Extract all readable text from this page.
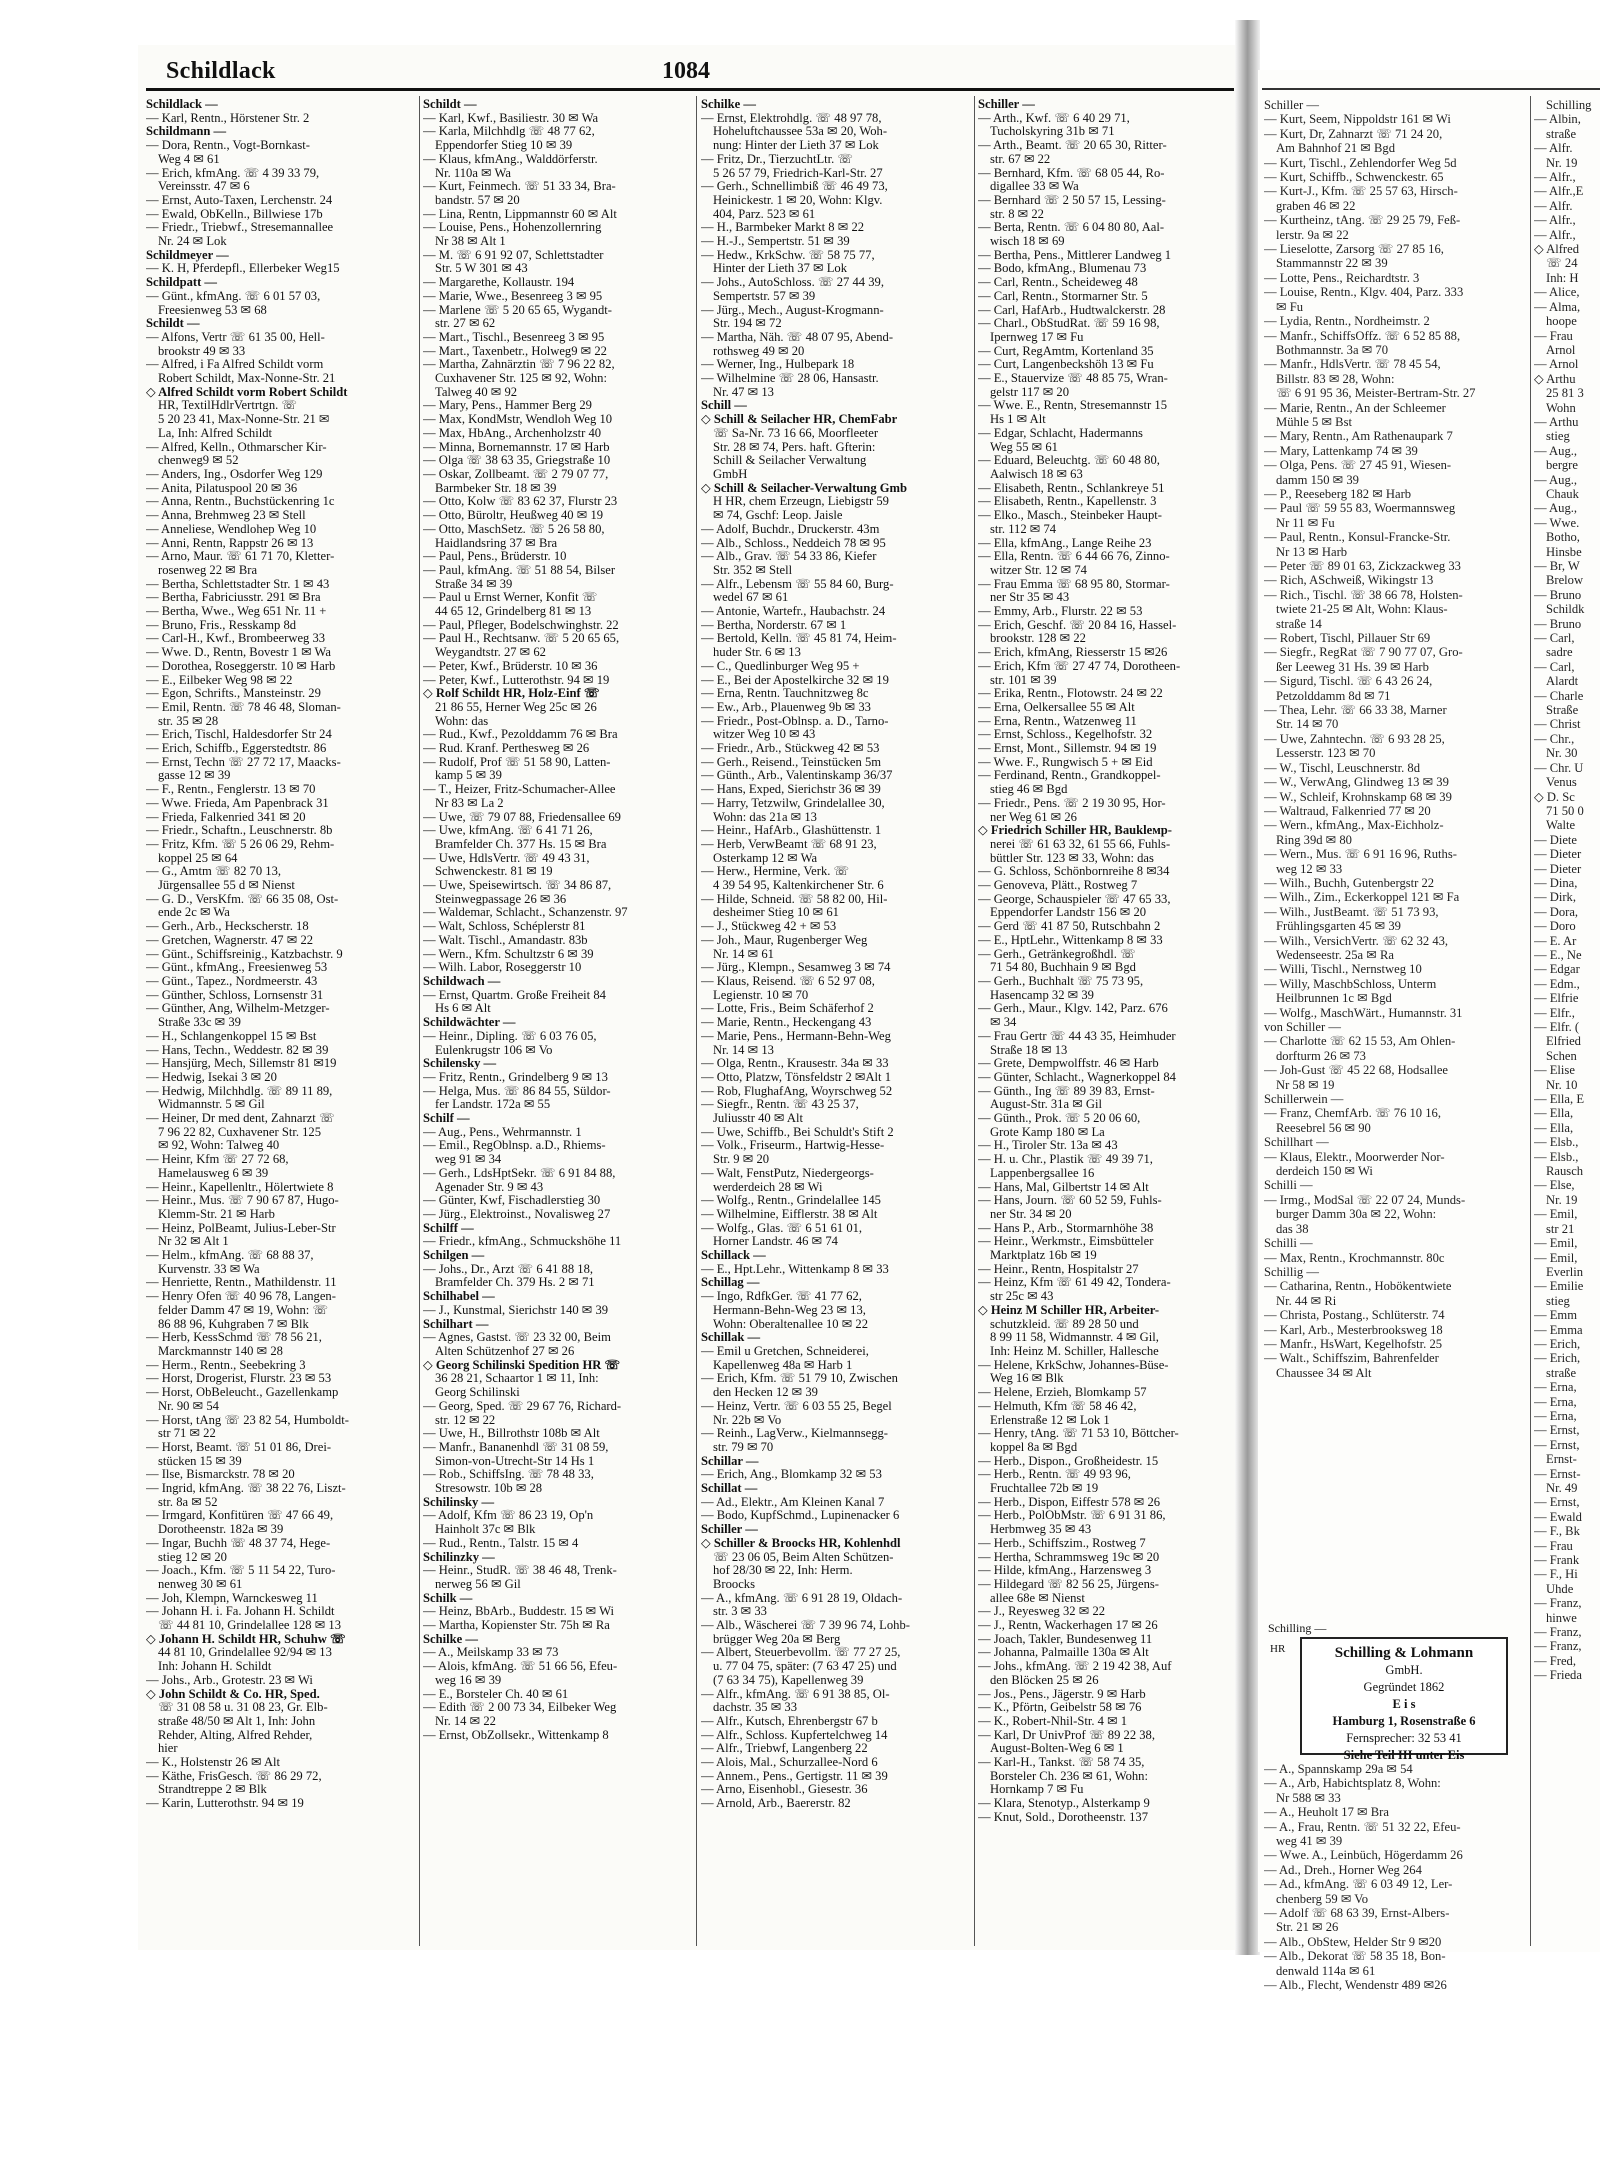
Schildlack	1084
Schildlack —
— Karl, Rentn., Hörstener Str. 2
Schildmann —
— Dora, Rentn., Vogt-Bornkast-
Weg 4 ✉ 61
— Erich, kfmAng. ☏ 4 39 33 79,
Vereinsstr. 47 ✉ 6
— Ernst, Auto-Taxen, Lerchenstr. 24
— Ewald, ObKelln., Billwiese 17b
— Friedr., Triebwf., Stresemannallee
Nr. 24 ✉ Lok
Schildmeyer —
— K. H, Pferdepfl., Ellerbeker Weg15
Schildpatt —
— Günt., kfmAng. ☏ 6 01 57 03,
Freesienweg 53 ✉ 68
Schildt —
— Alfons, Vertr ☏ 61 35 00, Hell-
brookstr 49 ✉ 33
— Alfred, i Fa Alfred Schildt vorm
Robert Schildt, Max-Nonne-Str. 21
◇ Alfred Schildt vorm Robert Schildt
HR, TextilHdlrVertrtgn. ☏
5 20 23 41, Max-Nonne-Str. 21 ✉
La, Inh: Alfred Schildt
— Alfred, Kelln., Othmarscher Kir-
chenweg9 ✉ 52
— Anders, Ing., Osdorfer Weg 129
— Anita, Pilatuspool 20 ✉ 36
— Anna, Rentn., Buchstückenring 1c
— Anna, Brehmweg 23 ✉ Stell
— Anneliese, Wendlohер Weg 10
— Anni, Rentn, Rappstr 26 ✉ 13
— Arno, Maur. ☏ 61 71 70, Kletter-
rosenweg 22 ✉ Bra
— Bertha, Schlettstadter Str. 1 ✉ 43
— Bertha, Fabriciusstr. 291 ✉ Bra
— Bertha, Wwe., Weg 651 Nr. 11 +
— Bruno, Fris., Resskamp 8d
— Carl-H., Kwf., Brombeerweg 33
— Wwe. D., Rentn, Bovestr 1 ✉ Wa
— Dorothea, Roseggerstr. 10 ✉ Harb
— E., Eilbeker Weg 98 ✉ 22
— Egon, Schrifts., Mansteinstr. 29
— Emil, Rentn. ☏ 78 46 48, Sloman-
str. 35 ✉ 28
— Erich, Tischl, Haldesdorfer Str 24
— Erich, Schiffb., Eggerstedtstr. 86
— Ernst, Techn ☏ 27 72 17, Maacks-
gasse 12 ✉ 39
— F., Rentn., Fenglerstr. 13 ✉ 70
— Wwe. Frieda, Am Papenbrack 31
— Frieda, Falkenried 341 ✉ 20
— Friedr., Schaftn., Leuschnerstr. 8b
— Fritz, Kfm. ☏ 5 26 06 29, Rehm-
koppel 25 ✉ 64
— G., Amtm ☏ 82 70 13,
Jürgensallee 55 d ✉ Nienst
— G. D., VersKfm. ☏ 66 35 08, Ost-
ende 2c ✉ Wa
— Gerh., Arb., Heckscherstr. 18
— Gretchen, Wagnerstr. 47 ✉ 22
— Günt., Schiffsreinig., Katzbachstr. 9
— Günt., kfmAng., Freesienweg 53
— Günt., Tapez., Nordmeerstr. 43
— Günther, Schloss, Lornsenstr 31
— Günther, Ang, Wilhelm-Metzger-
Straße 33c ✉ 39
— H., Schlangenkoppel 15 ✉ Bst
— Hans, Techn., Weddestr. 82 ✉ 39
— Hansjürg, Mech, Sillemstr 81 ✉19
— Hedwig, Isekai 3 ✉ 20
— Hedwig, Milchhdlg. ☏ 89 11 89,
Widmannstr. 5 ✉ Gil
— Heiner, Dr med dent, Zahnarzt ☏
7 96 22 82, Cuxhavener Str. 125
✉ 92, Wohn: Talweg 40
— Heinr, Kfm ☏ 27 72 68,
Hamelausweg 6 ✉ 39
— Heinr., Kapellenltr., Hölertwiete 8
— Heinr., Mus. ☏ 7 90 67 87, Hugo-
Klemm-Str. 21 ✉ Harb
— Heinz, PolBeamt, Julius-Leber-Str
Nr 32 ✉ Alt 1
— Helm., kfmAng. ☏ 68 88 37,
Kurvenstr. 33 ✉ Wa
— Henriette, Rentn., Mathildenstr. 11
— Henry Ofen ☏ 40 96 78, Langen-
felder Damm 47 ✉ 19, Wohn: ☏
86 88 96, Kuhgraben 7 ✉ Blk
— Herb, KessSchmd ☏ 78 56 21,
Marckmannstr 140 ✉ 28
— Herm., Rentn., Seebekring 3
— Horst, Drogerist, Flurstr. 23 ✉ 53
— Horst, ObBeleucht., Gazellenkamp
Nr. 90 ✉ 54
— Horst, tAng ☏ 23 82 54, Humboldt-
str 71 ✉ 22
— Horst, Beamt. ☏ 51 01 86, Drei-
stücken 15 ✉ 39
— Ilse, Bismarckstr. 78 ✉ 20
— Ingrid, kfmAng. ☏ 38 22 76, Liszt-
str. 8a ✉ 52
— Irmgard, Konfitüren ☏ 47 66 49,
Dorotheenstr. 182a ✉ 39
— Ingar, Buchh ☏ 48 37 74, Hege-
stieg 12 ✉ 20
— Joach., Kfm. ☏ 5 11 54 22, Turo-
nenweg 30 ✉ 61
— Joh, Klempn, Warnckesweg 11
— Johann H. i. Fa. Johann H. Schildt
☏ 44 81 10, Grindelallee 128 ✉ 13
◇ Johann H. Schildt HR, Schuhw ☏
44 81 10, Grindelallee 92/94 ✉ 13
Inh: Johann H. Schildt
— Johs., Arb., Grotestr. 23 ✉ Wi
◇ John Schildt & Co. HR, Sped.
☏ 31 08 58 u. 31 08 23, Gr. Elb-
straße 48/50 ✉ Alt 1, Inh: John
Rehder, Alting, Alfred Rehder,
hier
— K., Holstenstr 26 ✉ Alt
— Käthe, FrisGesch. ☏ 86 29 72,
Strandtreppe 2 ✉ Blk
— Karin, Lutterothstr. 94 ✉ 19
Schildt —
— Karl, Kwf., Basiliestr. 30 ✉ Wa
— Karla, Milchhdlg ☏ 48 77 62,
Eppendorfer Stieg 10 ✉ 39
— Klaus, kfmAng., Walddörferstr.
Nr. 110a ✉ Wa
— Kurt, Feinmech. ☏ 51 33 34, Bra-
bandstr. 57 ✉ 20
— Lina, Rentn, Lippmannstr 60 ✉ Alt
— Louise, Pens., Hohenzollernring
Nr 38 ✉ Alt 1
— M. ☏ 6 91 92 07, Schlettstadter
Str. 5 W 301 ✉ 43
— Margarethe, Kollaustr. 194
— Marie, Wwe., Besenreeg 3 ✉ 95
— Marlene ☏ 5 20 65 65, Wygandt-
str. 27 ✉ 62
— Mart., Tischl., Besenreeg 3 ✉ 95
— Mart., Taxenbetr., Holweg9 ✉ 22
— Martha, Zahnärztin ☏ 7 96 22 82,
Cuxhavener Str. 125 ✉ 92, Wohn:
Talweg 40 ✉ 92
— Mary, Pens., Hammer Berg 29
— Max, KondMstr, Wendloh Weg 10
— Max, HbAng., Archenholzstr 40
— Minna, Bornemannstr. 17 ✉ Harb
— Olga ☏ 38 63 35, Griegstraße 10
— Oskar, Zollbeamt. ☏ 2 79 07 77,
Barmbeker Str. 18 ✉ 39
— Otto, Kolw ☏ 83 62 37, Flurstr 23
— Otto, Büroltr, Heußweg 40 ✉ 19
— Otto, MaschSetz. ☏ 5 26 58 80,
Haidlandsring 37 ✉ Bra
— Paul, Pens., Brüderstr. 10
— Paul, kfmAng. ☏ 51 88 54, Bilser
Straße 34 ✉ 39
— Paul u Ernst Werner, Konfit ☏
44 65 12, Grindelberg 81 ✉ 13
— Paul, Pfleger, Bodelschwinghstr. 22
— Paul H., Rechtsanw. ☏ 5 20 65 65,
Weygandtstr. 27 ✉ 62
— Peter, Kwf., Brüderstr. 10 ✉ 36
— Peter, Kwf., Lutterothstr. 94 ✉ 19
◇ Rolf Schildt HR, Holz-Einf ☏
21 86 55, Herner Weg 25c ✉ 26
Wohn: das
— Rud., Kwf., Pezolddamm 76 ✉ Bra
— Rud. Kranf. Perthesweg ✉ 26
— Rudolf, Prof ☏ 51 58 90, Latten-
kamp 5 ✉ 39
— T., Heizer, Fritz-Schumacher-Allee
Nr 83 ✉ La 2
— Uwe, ☏ 79 07 88, Friedensallee 69
— Uwe, kfmAng. ☏ 6 41 71 26,
Bramfelder Ch. 377 Hs. 15 ✉ Bra
— Uwe, HdlsVertr. ☏ 49 43 31,
Schwenckestr. 81 ✉ 19
— Uwe, Speisewirtsch. ☏ 34 86 87,
Steinwegpassage 26 ✉ 36
— Waldemar, Schlacht., Schanzenstr. 97
— Walt, Schloss, Schéplerstr 81
— Walt. Tischl., Amandastr. 83b
— Wern., Kfm. Schultzstr 6 ✉ 39
— Wilh. Labor, Roseggerstr 10
Schildwach —
— Ernst, Quartm. Große Freiheit 84
Hs 6 ✉ Alt
Schildwächter —
— Heinr., Dipling. ☏ 6 03 76 05,
Eulenkrugstr 106 ✉ Vo
Schilensky —
— Fritz, Rentn., Grindelberg 9 ✉ 13
— Helga, Mus. ☏ 86 84 55, Süldor-
fer Landstr. 172a ✉ 55
Schilf —
— Aug., Pens., Wehrmannstr. 1
— Emil., RegOblnsp. a.D., Rhiems-
weg 91 ✉ 34
— Gerh., LdsHptSekr. ☏ 6 91 84 88,
Agenader Str. 9 ✉ 43
— Günter, Kwf, Fischadlerstieg 30
— Jürg., Elektroinst., Novalisweg 27
Schilff —
— Friedr., kfmAng., Schmuckshöhe 11
Schilgen —
— Johs., Dr., Arzt ☏ 6 41 88 18,
Bramfelder Ch. 379 Hs. 2 ✉ 71
Schilhabel —
— J., Kunstmal, Sierichstr 140 ✉ 39
Schilhart —
— Agnes, Gastst. ☏ 23 32 00, Beim
Alten Schützenhof 27 ✉ 26
◇ Georg Schilinski Spedition HR ☏
36 28 21, Schaartor 1 ✉ 11, Inh:
Georg Schilinski
— Georg, Sped. ☏ 29 67 76, Richard-
str. 12 ✉ 22
— Uwe, H., Billrothstr 108b ✉ Alt
— Manfr., Bananenhdl ☏ 31 08 59,
Simon-von-Utrecht-Str 14 Hs 1
— Rob., SchiffsIng. ☏ 78 48 33,
Stresowstr. 10b ✉ 28
Schilinsky —
— Adolf, Kfm ☏ 86 23 19, Op'n
Hainholt 37c ✉ Blk
— Rud., Rentn., Talstr. 15 ✉ 4
Schilinzky —
— Heinr., StudR. ☏ 38 46 48, Trenk-
nerweg 56 ✉ Gil
Schilk —
— Heinz, BbArb., Buddestr. 15 ✉ Wi
— Martha, Kopienster Str. 75h ✉ Ra
Schilke —
— A., Meilskamp 33 ✉ 73
— Alois, kfmAng. ☏ 51 66 56, Efeu-
weg 16 ✉ 39
— E., Borsteler Ch. 40 ✉ 61
— Edith ☏ 2 00 73 34, Eilbeker Weg
Nr. 14 ✉ 22
— Ernst, ObZollsekr., Wittenkamp 8
Schilke —
— Ernst, Elektrohdlg. ☏ 48 97 78,
Hoheluftchaussee 53a ✉ 20, Woh-
nung: Hinter der Lieth 37 ✉ Lok
— Fritz, Dr., TierzuchtLtr. ☏
5 26 57 79, Friedrich-Karl-Str. 27
— Gerh., Schnellimbiß ☏ 46 49 73,
Heinickestr. 1 ✉ 20, Wohn: Klgv.
404, Parz. 523 ✉ 61
— H., Barmbeker Markt 8 ✉ 22
— H.-J., Sempertstr. 51 ✉ 39
— Hedw., KrkSchw. ☏ 58 75 77,
Hinter der Lieth 37 ✉ Lok
— Johs., AutoSchloss. ☏ 27 44 39,
Sempertstr. 57 ✉ 39
— Jürg., Mech., August-Krogmann-
Str. 194 ✉ 72
— Martha, Näh. ☏ 48 07 95, Abend-
rothsweg 49 ✉ 20
— Werner, Ing., Hulbepark 18
— Wilhelmine ☏ 28 06, Hansastr.
Nr. 47 ✉ 13
Schill —
◇ Schill & Seilacher HR, ChemFabr
☏ Sa-Nr. 73 16 66, Moorfleeter
Str. 28 ✉ 74, Pers. haft. Gfterin:
Schill & Seilacher Verwaltung
GmbH
◇ Schill & Seilacher-Verwaltung Gmb
H HR, chem Erzeugn, Liebigstr 59
✉ 74, Gschf: Leop. Jaisle
— Adolf, Buchdr., Druckerstr. 43m
— Alb., Schloss., Neddeich 78 ✉ 95
— Alb., Grav. ☏ 54 33 86, Kiefer
Str. 352 ✉ Stell
— Alfr., Lebensm ☏ 55 84 60, Burg-
wedel 67 ✉ 61
— Antonie, Wartefr., Haubachstr. 24
— Bertha, Norderstr. 67 ✉ 1
— Bertold, Kelln. ☏ 45 81 74, Heim-
huder Str. 6 ✉ 13
— C., Quedlinburger Weg 95 +
— E., Bei der Apostelkirche 32 ✉ 19
— Erna, Rentn. Tauchnitzweg 8c
— Ew., Arb., Plauenweg 9b ✉ 33
— Friedr., Post-Oblnsp. a. D., Tarno-
witzer Weg 10 ✉ 43
— Friedr., Arb., Stückweg 42 ✉ 53
— Gerh., Reisend., Teinstücken 5m
— Günth., Arb., Valentinskamp 36/37
— Hans, Exped, Sierichstr 36 ✉ 39
— Harry, Tetzwilw, Grindelallee 30,
Wohn: das 21a ✉ 13
— Heinr., HafArb., Glashüttenstr. 1
— Herb, VerwBeamt ☏ 68 91 23,
Osterkamp 12 ✉ Wa
— Herw., Hermine, Verk. ☏
4 39 54 95, Kaltenkirchener Str. 6
— Hilde, Schneid. ☏ 58 82 00, Hil-
desheimer Stieg 10 ✉ 61
— J., Stückweg 42 + ✉ 53
— Joh., Maur, Rugenberger Weg
Nr. 14 ✉ 61
— Jürg., Klempn., Sesamweg 3 ✉ 74
— Klaus, Reisend. ☏ 6 52 97 08,
Legienstr. 10 ✉ 70
— Lotte, Fris., Beim Schäferhof 2
— Marie, Rentn., Heckengang 43
— Marie, Pens., Hermann-Behn-Weg
Nr. 14 ✉ 13
— Olga, Rentn., Krausestr. 34a ✉ 33
— Otto, Platzw, Tönsfeldstr 2 ✉Alt 1
— Rob, FlughafAng, Woyrschweg 52
— Siegfr., Rentn. ☏ 43 25 37,
Juliusstr 40 ✉ Alt
— Uwe, Schiffb., Bei Schuldt's Stift 2
— Volk., Friseurm., Hartwig-Hesse-
Str. 9 ✉ 20
— Walt, FenstPutz, Niedergeorgs-
werderdeich 28 ✉ Wi
— Wolfg., Rentn., Grindelallee 145
— Wilhelmine, Eifflerstr. 38 ✉ Alt
— Wolfg., Glas. ☏ 6 51 61 01,
Horner Landstr. 46 ✉ 74
Schillack —
— E., Hpt.Lehr., Wittenkamp 8 ✉ 33
Schillag —
— Ingo, RdfkGer. ☏ 41 77 62,
Hermann-Behn-Weg 23 ✉ 13,
Wohn: Oberaltenallee 10 ✉ 22
Schillak —
— Emil u Gretchen, Schneiderei,
Kapellenweg 48a ✉ Harb 1
— Erich, Kfm. ☏ 51 79 10, Zwischen
den Hecken 12 ✉ 39
— Heinz, Vertr. ☏ 6 03 55 25, Begel
Nr. 22b ✉ Vo
— Reinh., LagVerw., Kielmannsegg-
str. 79 ✉ 70
Schillar —
— Erich, Ang., Blomkamp 32 ✉ 53
Schillat —
— Ad., Elektr., Am Kleinen Kanal 7
— Bodo, KupfSchmd., Lupinenacker 6
Schiller —
◇ Schiller & Broocks HR, Kohlenhdl
☏ 23 06 05, Beim Alten Schützen-
hof 28/30 ✉ 22, Inh: Herm.
Broocks
— A., kfmAng. ☏ 6 91 28 19, Oldach-
str. 3 ✉ 33
— Alb., Wäscherei ☏ 7 39 96 74, Lohb-
brügger Weg 20a ✉ Berg
— Albert, Steuerbevollm. ☏ 77 27 25,
u. 77 04 75, später: (7 63 47 25) und
(7 63 34 75), Kapellenweg 39
— Alfr., kfmAng. ☏ 6 91 38 85, Ol-
dachstr. 35 ✉ 33
— Alfr., Kutsch, Ehrenbergstr 67 b
— Alfr., Schloss. Kupfertelchweg 14
— Alfr., Triebwf, Langenberg 22
— Alois, Mal., Schurzallee-Nord 6
— Annem., Pens., Gertigstr. 11 ✉ 39
— Arno, Eisenhobl., Giesestr. 36
— Arnold, Arb., Baererstr. 82
Schiller —
— Arth., Kwf. ☏ 6 40 29 71,
Tucholskyring 31b ✉ 71
— Arth., Beamt. ☏ 20 65 30, Ritter-
str. 67 ✉ 22
— Bernhard, Kfm. ☏ 68 05 44, Ro-
digallee 33 ✉ Wa
— Bernhard ☏ 2 50 57 15, Lessing-
str. 8 ✉ 22
— Berta, Rentn. ☏ 6 04 80 80, Aal-
wisch 18 ✉ 69
— Bertha, Pens., Mittlerer Landweg 1
— Bodo, kfmAng., Blumenau 73
— Carl, Rentn., Scheideweg 48
— Carl, Rentn., Stormarner Str. 5
— Carl, HafArb., Hudtwalckerstr. 28
— Charl., ObStudRat. ☏ 59 16 98,
Ipernweg 17 ✉ Fu
— Curt, RegAmtm, Kortenland 35
— Curt, Langenbeckshöh 13 ✉ Fu
— E., Stauervize ☏ 48 85 75, Wran-
gelstr 117 ✉ 20
— Wwe. E., Rentn, Stresemannstr 15
Hs 1 ✉ Alt
— Edgar, Schlacht, Hadermanns
Weg 55 ✉ 61
— Eduard, Beleuchtg. ☏ 60 48 80,
Aalwisch 18 ✉ 63
— Elisabeth, Rentn., Schlankreye 51
— Elisabeth, Rentn., Kapellenstr. 3
— Elko., Masch., Steinbeker Haupt-
str. 112 ✉ 74
— Ella, kfmAng., Lange Reihe 23
— Ella, Rentn. ☏ 6 44 66 76, Zinno-
witzer Str. 12 ✉ 74
— Frau Emma ☏ 68 95 80, Stormar-
ner Str 35 ✉ 43
— Emmy, Arb., Flurstr. 22 ✉ 53
— Erich, Geschf. ☏ 20 84 16, Hassel-
brookstr. 128 ✉ 22
— Erich, kfmAng, Riesserstr 15 ✉26
— Erich, Kfm ☏ 27 47 74, Dorotheen-
str. 101 ✉ 39
— Erika, Rentn., Flotowstr. 24 ✉ 22
— Erna, Oelkersallee 55 ✉ Alt
— Erna, Rentn., Watzenweg 11
— Ernst, Schloss., Kegelhofstr. 32
— Ernst, Mont., Sillemstr. 94 ✉ 19
— Wwe. F., Rungwisch 5 + ✉ Eid
— Ferdinand, Rentn., Grandkoppel-
stieg 46 ✉ Bgd
— Friedr., Pens. ☏ 2 19 30 95, Hor-
ner Weg 61 ✉ 26
◇ Friedrich Schiller HR, Baukleмp-
nerei ☏ 61 63 32, 61 55 66, Fuhls-
büttler Str. 123 ✉ 33, Wohn: das
— G. Schloss, Schönbornreihe 8 ✉34
— Genoveva, Plätt., Rostweg 7
— George, Schauspieler ☏ 47 65 33,
Eppendorfer Landstr 156 ✉ 20
— Gerd ☏ 41 87 50, Rutschbahn 2
— E., HptLehr., Wittenkamp 8 ✉ 33
— Gerh., Getränkegroßhdl. ☏
71 54 80, Buchhain 9 ✉ Bgd
— Gerh., Buchhalt ☏ 75 73 95,
Hasencamp 32 ✉ 39
— Gerh., Maur., Klgv. 142, Parz. 676
✉ 34
— Frau Gertr ☏ 44 43 35, Heimhuder
Straße 18 ✉ 13
— Grete, Dempwolffstr. 46 ✉ Harb
— Günter, Schlacht., Wagnerkoppel 84
— Günth., Ing ☏ 89 39 83, Ernst-
August-Str. 31a ✉ Gil
— Günth., Prok. ☏ 5 20 06 60,
Grote Kamp 180 ✉ La
— H., Tiroler Str. 13a ✉ 43
— H. u. Chr., Plastik ☏ 49 39 71,
Lappenbergsallee 16
— Hans, Mal, Gilbertstr 14 ✉ Alt
— Hans, Journ. ☏ 60 52 59, Fuhls-
ner Str. 34 ✉ 20
— Hans P., Arb., Stormarnhöhe 38
— Heinr., Werkmstr., Eimsbütteler
Marktplatz 16b ✉ 19
— Heinr., Rentn, Hospitalstr 27
— Heinz, Kfm ☏ 61 49 42, Tonderа-
str 25c ✉ 43
◇ Heinz M Schiller HR, Arbeiter-
schutzkleid. ☏ 89 28 50 und
8 99 11 58, Widmannstr. 4 ✉ Gil,
Inh: Heinz M. Schiller, Hallesche
— Helene, KrkSchw, Johannes-Büse-
Weg 16 ✉ Blk
— Helene, Erzieh, Blomkamp 57
— Helmuth, Kfm ☏ 58 46 42,
Erlenstraße 12 ✉ Lok 1
— Henry, tAng. ☏ 71 53 10, Böttcher-
koppel 8a ✉ Bgd
— Herb., Dispon., Großheidestr. 15
— Herb., Rentn. ☏ 49 93 96,
Fruchtallee 72b ✉ 19
— Herb., Dispon, Eiffestr 578 ✉ 26
— Herb., PolObMstr. ☏ 6 91 31 86,
Herbmweg 35 ✉ 43
— Herb., Schiffszim., Rostweg 7
— Hertha, Schrammsweg 19c ✉ 20
— Hilde, kfmAng., Harzensweg 3
— Hildegard ☏ 82 56 25, Jürgens-
allee 68e ✉ Nienst
— J., Reyesweg 32 ✉ 22
— J., Rentn, Wackerhagen 17 ✉ 26
— Joach, Takler, Bundesenweg 11
— Johanna, Palmaille 130a ✉ Alt
— Johs., kfmAng. ☏ 2 19 42 38, Auf
den Blöcken 25 ✉ 26
— Jos., Pens., Jägerstr. 9 ✉ Harb
— K., Pförtn, Geibelstr 58 ✉ 76
— K., Robert-Nhil-Str. 4 ✉ 1
— Karl, Dr UnivProf ☏ 89 22 38,
August-Bolten-Weg 6 ✉ 1
— Karl-H., Tankst. ☏ 58 74 35,
Borsteler Ch. 236 ✉ 61, Wohn:
Hornkamp 7 ✉ Fu
— Klara, Stenotyp., Alsterkamp 9
— Knut, Sold., Dorotheenstr. 137
Schiller —
— Kurt, Seem, Nippoldstr 161 ✉ Wi
— Kurt, Dr, Zahnarzt ☏ 71 24 20,
Am Bahnhof 21 ✉ Bgd
— Kurt, Tischl., Zehlendorfer Weg 5d
— Kurt, Schiffb., Schwenckestr. 65
— Kurt-J., Kfm. ☏ 25 57 63, Hirsch-
graben 46 ✉ 22
— Kurtheinz, tAng. ☏ 29 25 79, Feß-
lerstr. 9a ✉ 22
— Lieselotte, Zarsorg ☏ 27 85 16,
Stammannstr 22 ✉ 39
— Lotte, Pens., Reichardtstr. 3
— Louise, Rentn., Klgv. 404, Parz. 333
✉ Fu
— Lydia, Rentn., Nordheimstr. 2
— Manfr., SchiffsOffz. ☏ 6 52 85 88,
Bothmannstr. 3a ✉ 70
— Manfr., HdlsVertr. ☏ 78 45 54,
Billstr. 83 ✉ 28, Wohn:
☏ 6 91 95 36, Meister-Bertram-Str. 27
— Marie, Rentn., An der Schleemer
Mühle 5 ✉ Bst
— Mary, Rentn., Am Rathenaupark 7
— Mary, Lattenkamp 74 ✉ 39
— Olga, Pens. ☏ 27 45 91, Wiesen-
damm 150 ✉ 39
— P., Reeseberg 182 ✉ Harb
— Paul ☏ 59 55 83, Woermannsweg
Nr 11 ✉ Fu
— Paul, Rentn., Konsul-Francke-Str.
Nr 13 ✉ Harb
— Peter ☏ 89 01 63, Zickzackweg 33
— Rich, ASchweiß, Wikingstr 13
— Rich., Tischl. ☏ 38 66 78, Holsten-
twiete 21-25 ✉ Alt, Wohn: Klaus-
straße 14
— Robert, Tischl, Pillauer Str 69
— Siegfr., RegRat ☏ 7 90 77 07, Gro-
ßer Leeweg 31 Hs. 39 ✉ Harb
— Sigurd, Tischl. ☏ 6 43 26 24,
Petzolddamm 8d ✉ 71
— Thea, Lehr. ☏ 66 33 38, Marner
Str. 14 ✉ 70
— Uwe, Zahntechn. ☏ 6 93 28 25,
Lesserstr. 123 ✉ 70
— W., Tischl, Leuschnerstr. 8d
— W., VerwAng, Glindweg 13 ✉ 39
— W., Schleif, Krohnskamp 68 ✉ 39
— Waltraud, Falkenried 77 ✉ 20
— Wern., kfmAng., Max-Eichholz-
Ring 39d ✉ 80
— Wern., Mus. ☏ 6 91 16 96, Ruths-
weg 12 ✉ 33
— Wilh., Buchh, Gutenbergstr 22
— Wilh., Zim., Eckerkoppel 121 ✉ Fa
— Wilh., JustBeamt. ☏ 51 73 93,
Frühlingsgarten 45 ✉ 39
— Wilh., VersichVertr. ☏ 62 32 43,
Wedenseestr. 25a ✉ Ra
— Willi, Tischl., Nernstweg 10
— Willy, MaschbSchloss, Unterm
Heilbrunnen 1c ✉ Bgd
— Wolfg., MaschWärt., Humannstr. 31
von Schiller —
— Charlotte ☏ 62 15 53, Am Ohlen-
dorfturm 26 ✉ 73
— Joh-Gust ☏ 45 22 68, Hodsallee
Nr 58 ✉ 19
Schillerwein —
— Franz, ChemfArb. ☏ 76 10 16,
Reesebrel 56 ✉ 90
Schillhart —
— Klaus, Elektr., Moorwerder Nor-
derdeich 150 ✉ Wi
Schilli —
— Irmg., ModSal ☏ 22 07 24, Munds-
burger Damm 30a ✉ 22, Wohn:
das 38
Schilli —
— Max, Rentn., Krochmannstr. 80c
Schillig —
— Catharina, Rentn., Hobökentwiete
Nr. 44 ✉ Ri
— Christa, Postang., Schlüterstr. 74
— Karl, Arb., Mesterbrooksweg 18
— Manfr., HsWart, Kegelhofstr. 25
— Walt., Schiffszim, Bahrenfelder
Chaussee 34 ✉ Alt
Schilling
— Albin,
straße
— Alfr.
Nr. 19
— Alfr.,
— Alfr.,E
— Alfr.
— Alfr.,
— Alfr.,
◇ Alfred
☏ 24
Inh: H
— Alice,
— Alma,
hoope
— Frau
Arnol
— Arnol
◇ Arthu
25 81 3
Wohn
— Arthu
stieg
— Aug.,
bergre
— Aug.,
Chauk
— Aug.,
— Wwe.
Botho,
Hinsbe
— Br, W
Brelow
— Bruno
Schildk
— Bruno
— Carl,
sadre
— Carl,
Alardt
— Charle
Straße
— Christ
— Chr.,
Nr. 30
— Chr. U
Venus
◇ D. Sc
71 50 0
Walte
— Diete
— Dieter
— Dieter
— Dina,
— Dirk,
— Dora,
— Doro
— E. Ar
— E., Ne
— Edgar
— Edm.,
— Elfrie
— Elfr.,
— Elfr. (
Elfried
Schen
— Elise
Nr. 10
— Ella, E
— Ella,
— Ella,
— Elsb.,
— Elsb.,
Rausch
— Else,
Nr. 19
— Emil,
str 21
— Emil,
— Emil,
Everlin
— Emilie
stieg
— Emm
— Emma
— Erich,
— Erich,
straße
— Erna,
— Erna,
— Erna,
— Ernst,
— Ernst,
Ernst-
— Ernst-
Nr. 49
— Ernst,
— Ewald
— F., Bk
— Frau
— Frank
— F., Hi
Uhde
— Franz,
hinwe
— Franz,
— Franz,
— Fred,
— Frieda
Schilling —
HR	Schilling & Lohmann
GmbH.
Gegründet 1862
E i s
Hamburg 1, Rosenstraße 6
Fernsprecher: 32 53 41
Siehe Teil III unter Eis
— A., Spannskamp 29a ✉ 54
— A., Arb, Habichtsplatz 8, Wohn:
Nr 588 ✉ 33
— A., Heuholt 17 ✉ Bra
— A., Frau, Rentn. ☏ 51 32 22, Efeu-
weg 41 ✉ 39
— Wwe. A., Leinbüch, Högerdamm 26
— Ad., Dreh., Horner Weg 264
— Ad., kfmAng. ☏ 6 03 49 12, Ler-
chenberg 59 ✉ Vo
— Adolf ☏ 68 63 39, Ernst-Albers-
Str. 21 ✉ 26
— Alb., ObStew, Helder Str 9 ✉20
— Alb., Dekorat ☏ 58 35 18, Bon-
denwald 114a ✉ 61
— Alb., Flecht, Wendenstr 489 ✉26
